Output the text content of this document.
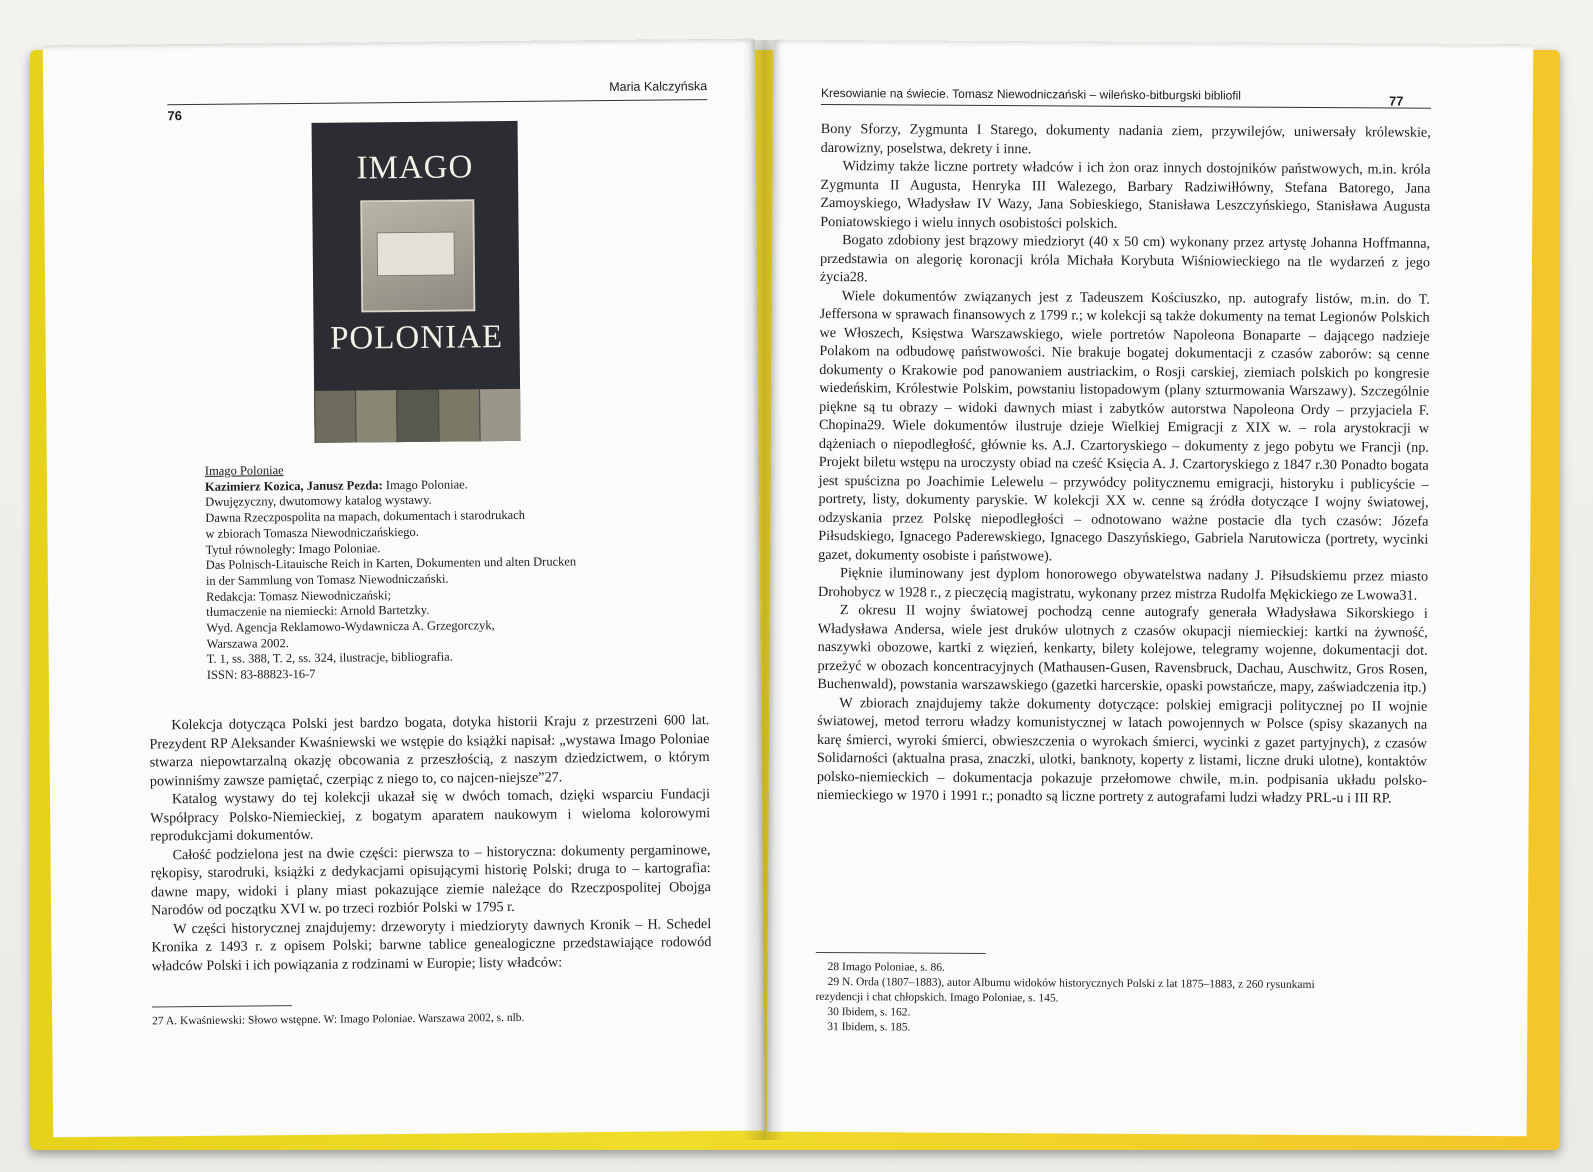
Maria Kalczyńska
76
IMAGO
POLONIAE
Imago Poloniae
Kazimierz Kozica, Janusz Pezda: Imago Poloniae.
Dwujęzyczny, dwutomowy katalog wystawy.
Dawna Rzeczpospolita na mapach, dokumentach i starodrukach
w zbiorach Tomasza Niewodniczańskiego.
Tytuł równoległy: Imago Poloniae.
Das Polnisch-Litauische Reich in Karten, Dokumenten und alten Drucken
in der Sammlung von Tomasz Niewodniczański.
Redakcja: Tomasz Niewodniczański;
tłumaczenie na niemiecki: Arnold Bartetzky.
Wyd. Agencja Reklamowo-Wydawnicza A. Grzegorczyk,
Warszawa 2002.
T. 1, ss. 388, T. 2, ss. 324, ilustracje, bibliografia.
ISSN: 83-88823-16-7

Kolekcja dotycząca Polski jest bardzo bogata, dotyka historii Kraju z przestrzeni 600 lat. Prezydent RP Aleksander Kwaśniewski we wstępie do książki napisał: „wystawa Imago Poloniae stwarza niepowtarzalną okazję obcowania z przeszłością, z naszym dziedzictwem, o którym powinniśmy zawsze pamiętać, czerpiąc z niego to, co najcen-niejsze”27.

Katalog wystawy do tej kolekcji ukazał się w dwóch tomach, dzięki wsparciu Fundacji Współpracy Polsko-Niemieckiej, z bogatym aparatem naukowym i wieloma kolorowymi reprodukcjami dokumentów.

Całość podzielona jest na dwie części: pierwsza to – historyczna: dokumenty pergaminowe, rękopisy, starodruki, książki z dedykacjami opisującymi historię Polski; druga to – kartografia: dawne mapy, widoki i plany miast pokazujące ziemie należące do Rzeczpospolitej Obojga Narodów od początku XVI w. po trzeci rozbiór Polski w 1795 r.

W części historycznej znajdujemy: drzeworyty i miedzioryty dawnych Kronik – H. Schedel Kronika z 1493 r. z opisem Polski; barwne tablice genealogiczne przedstawiające rodowód władców Polski i ich powiązania z rodzinami w Europie; listy władców:

27 A. Kwaśniewski: Słowo wstępne. W: Imago Poloniae. Warszawa 2002, s. nlb.
Kresowianie na świecie. Tomasz Niewodniczański – wileńsko-bitburgski bibliofil	77

Bony Sforzy, Zygmunta I Starego, dokumenty nadania ziem, przywilejów, uniwersały królewskie, darowizny, poselstwa, dekrety i inne.

Widzimy także liczne portrety władców i ich żon oraz innych dostojników państwowych, m.in. króla Zygmunta II Augusta, Henryka III Walezego, Barbary Radziwiłłówny, Stefana Batorego, Jana Zamoyskiego, Władysław IV Wazy, Jana Sobieskiego, Stanisława Leszczyńskiego, Stanisława Augusta Poniatowskiego i wielu innych osobistości polskich.

Bogato zdobiony jest brązowy miedzioryt (40 x 50 cm) wykonany przez artystę Johanna Hoffmanna, przedstawia on alegorię koronacji króla Michała Korybuta Wiśniowieckiego na tle wydarzeń z jego życia28.

Wiele dokumentów związanych jest z Tadeuszem Kościuszko, np. autografy listów, m.in. do T. Jeffersona w sprawach finansowych z 1799 r.; w kolekcji są także dokumenty na temat Legionów Polskich we Włoszech, Księstwa Warszawskiego, wiele portretów Napoleona Bonaparte – dającego nadzieje Polakom na odbudowę państwowości. Nie brakuje bogatej dokumentacji z czasów zaborów: są cenne dokumenty o Krakowie pod panowaniem austriackim, o Rosji carskiej, ziemiach polskich po kongresie wiedeńskim, Królestwie Polskim, powstaniu listopadowym (plany szturmowania Warszawy). Szczególnie piękne są tu obrazy – widoki dawnych miast i zabytków autorstwa Napoleona Ordy – przyjaciela F. Chopina29. Wiele dokumentów ilustruje dzieje Wielkiej Emigracji z XIX w. – rola arystokracji w dążeniach o niepodległość, głównie ks. A.J. Czartoryskiego – dokumenty z jego pobytu we Francji (np. Projekt biletu wstępu na uroczysty obiad na cześć Księcia A. J. Czartoryskiego z 1847 r.30 Ponadto bogata jest spuścizna po Joachimie Lelewelu – przywódcy politycznemu emigracji, historyku i publicyście – portrety, listy, dokumenty paryskie. W kolekcji XX w. cenne są źródła dotyczące I wojny światowej, odzyskania przez Polskę niepodległości – odnotowano ważne postacie dla tych czasów: Józefa Piłsudskiego, Ignacego Paderewskiego, Ignacego Daszyńskiego, Gabriela Narutowicza (portrety, wycinki gazet, dokumenty osobiste i państwowe).

Pięknie iluminowany jest dyplom honorowego obywatelstwa nadany J. Piłsudskiemu przez miasto Drohobycz w 1928 r., z pieczęcią magistratu, wykonany przez mistrza Rudolfa Mękickiego ze Lwowa31.

Z okresu II wojny światowej pochodzą cenne autografy generała Władysława Sikorskiego i Władysława Andersa, wiele jest druków ulotnych z czasów okupacji niemieckiej: kartki na żywność, naszywki obozowe, kartki z więzień, kenkarty, bilety kolejowe, telegramy wojenne, dokumentacji dot. przeżyć w obozach koncentracyjnych (Mathausen-Gusen, Ravensbruck, Dachau, Auschwitz, Gros Rosen, Buchenwald), powstania warszawskiego (gazetki harcerskie, opaski powstańcze, mapy, zaświadczenia itp.)

W zbiorach znajdujemy także dokumenty dotyczące: polskiej emigracji politycznej po II wojnie światowej, metod terroru władzy komunistycznej w latach powojennych w Polsce (spisy skazanych na karę śmierci, wyroki śmierci, obwieszczenia o wyrokach śmierci, wycinki z gazet partyjnych), z czasów Solidarności (aktualna prasa, znaczki, ulotki, banknoty, koperty z listami, liczne druki ulotne), kontaktów polsko-niemieckich – dokumentacja pokazuje przełomowe chwile, m.in. podpisania układu polsko-niemieckiego w 1970 i 1991 r.; ponadto są liczne portrety z autografami ludzi władzy PRL-u i III RP.

28 Imago Poloniae, s. 86.
29 N. Orda (1807–1883), autor Albumu widoków historycznych Polski z lat 1875–1883, z 260 rysunkami
rezydencji i chat chłopskich. Imago Poloniae, s. 145.
30 Ibidem, s. 162.
31 Ibidem, s. 185.
